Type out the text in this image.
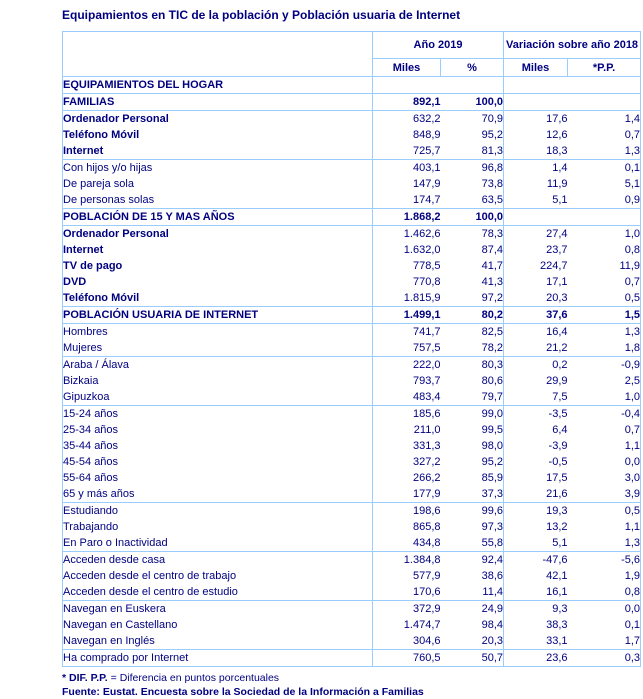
Equipamientos en TIC de la población y Población usuaria de Internet
	Año 2019		Variación sobre año 2018	
	Miles	%	Miles	*P.P.
EQUIPAMIENTOS DEL HOGAR				
FAMILIAS	892,1	100,0		
Ordenador Personal	632,2	70,9	17,6	1,4
Teléfono Móvil	848,9	95,2	12,6	0,7
Internet	725,7	81,3	18,3	1,3
Con hijos y/o hijas	403,1	96,8	1,4	0,1
De pareja sola	147,9	73,8	11,9	5,1
De personas solas	174,7	63,5	5,1	0,9
POBLACIÓN DE 15 Y MAS AÑOS	1.868,2	100,0		
Ordenador Personal	1.462,6	78,3	27,4	1,0
Internet	1.632,0	87,4	23,7	0,8
TV de pago	778,5	41,7	224,7	11,9
DVD	770,8	41,3	17,1	0,7
Teléfono Móvil	1.815,9	97,2	20,3	0,5
POBLACIÓN USUARIA DE INTERNET	1.499,1	80,2	37,6	1,5
Hombres	741,7	82,5	16,4	1,3
Mujeres	757,5	78,2	21,2	1,8
Araba / Álava	222,0	80,3	0,2	-0,9
Bizkaia	793,7	80,6	29,9	2,5
Gipuzkoa	483,4	79,7	7,5	1,0
15-24 años	185,6	99,0	-3,5	-0,4
25-34 años	211,0	99,5	6,4	0,7
35-44 años	331,3	98,0	-3,9	1,1
45-54 años	327,2	95,2	-0,5	0,0
55-64 años	266,2	85,9	17,5	3,0
65 y más años	177,9	37,3	21,6	3,9
Estudiando	198,6	99,6	19,3	0,5
Trabajando	865,8	97,3	13,2	1,1
En Paro o Inactividad	434,8	55,8	5,1	1,3
Acceden desde casa	1.384,8	92,4	-47,6	-5,6
Acceden desde el centro de trabajo	577,9	38,6	42,1	1,9
Acceden desde el centro de estudio	170,6	11,4	16,1	0,8
Navegan en Euskera	372,9	24,9	9,3	0,0
Navegan en Castellano	1.474,7	98,4	38,3	0,1
Navegan en Inglés	304,6	20,3	33,1	1,7
Ha comprado por Internet	760,5	50,7	23,6	0,3
* DIF. P.P. = Diferencia en puntos porcentuales
Fuente: Eustat. Encuesta sobre la Sociedad de la Información a Familias
